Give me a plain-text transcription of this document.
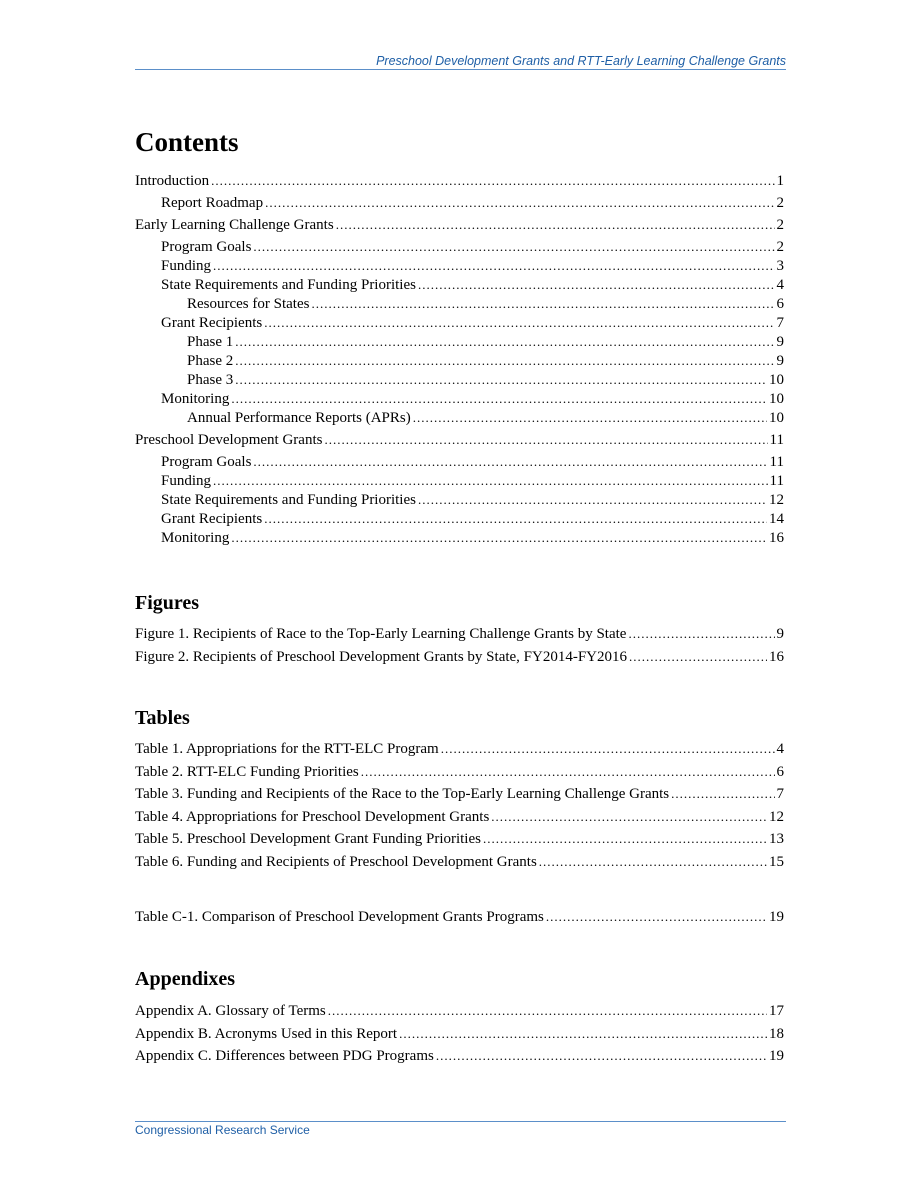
Preschool Development Grants and RTT-Early Learning Challenge Grants
Contents
Introduction .....	1
Report Roadmap .....	2
Early Learning Challenge Grants .....	2
Program Goals .....	2
Funding .....	3
State Requirements and Funding Priorities .....	4
Resources for States .....	6
Grant Recipients .....	7
Phase 1 .....	9
Phase 2 .....	9
Phase 3 .....	10
Monitoring .....	10
Annual Performance Reports (APRs) .....	10
Preschool Development Grants .....	11
Program Goals .....	11
Funding .....	11
State Requirements and Funding Priorities .....	12
Grant Recipients .....	14
Monitoring .....	16
Figures
Figure 1. Recipients of Race to the Top-Early Learning Challenge Grants by State .....	9
Figure 2. Recipients of Preschool Development Grants by State, FY2014-FY2016 .....	16
Tables
Table 1. Appropriations for the RTT-ELC Program .....	4
Table 2. RTT-ELC Funding Priorities .....	6
Table 3. Funding and Recipients of the Race to the Top-Early Learning Challenge Grants .....	7
Table 4. Appropriations for Preschool Development Grants .....	12
Table 5. Preschool Development Grant Funding Priorities .....	13
Table 6. Funding and Recipients of Preschool Development Grants .....	15
Table C-1. Comparison of Preschool Development Grants Programs .....	19
Appendixes
Appendix A. Glossary of Terms .....	17
Appendix B. Acronyms Used in this Report .....	18
Appendix C. Differences between PDG Programs .....	19
Congressional Research Service
